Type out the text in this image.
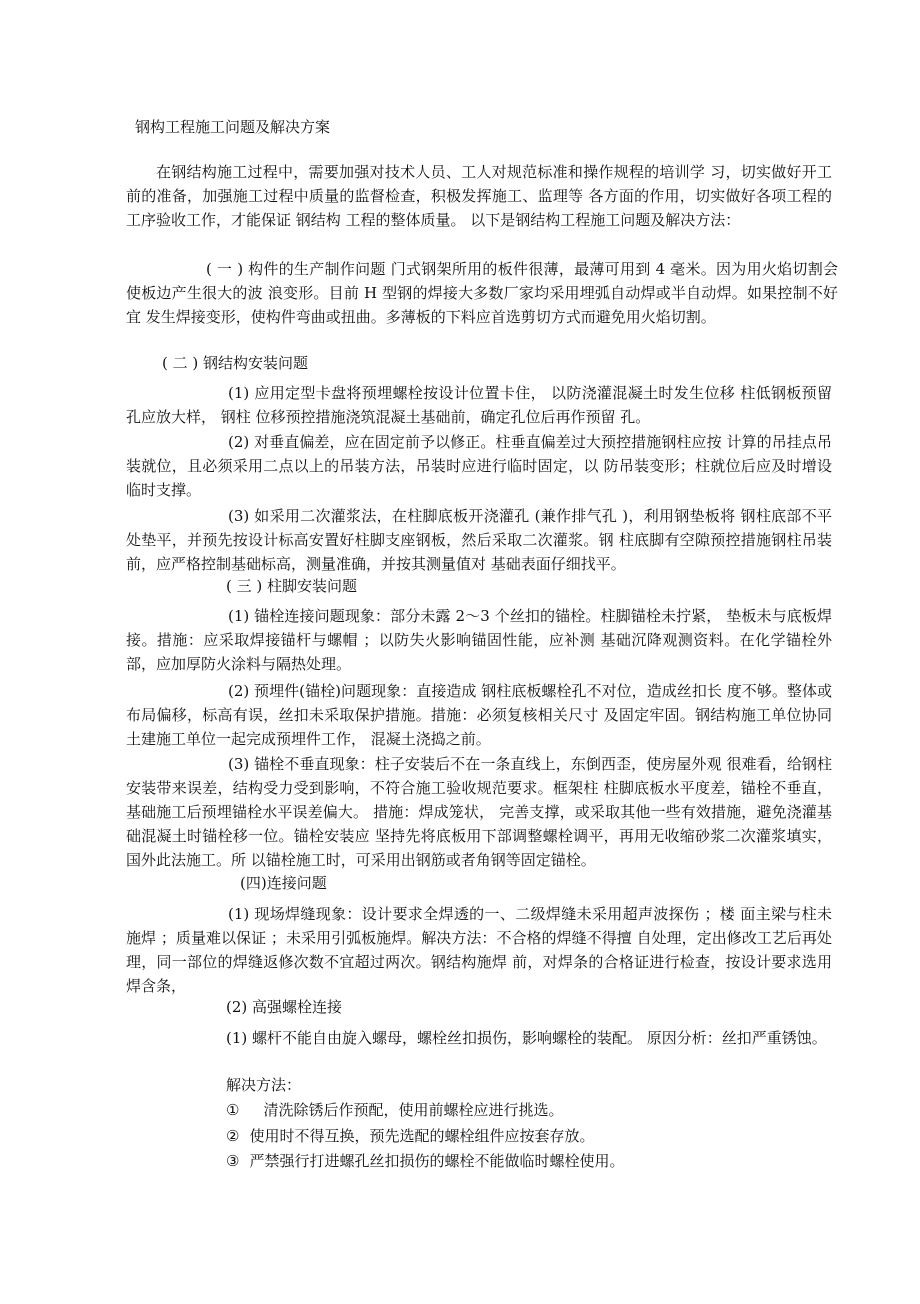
钢构工程施工问题及解决方案
在钢结构施工过程中，需要加强对技术人员、工人对规范标准和操作规程的培训学 习，切实做好开工前的准备，加强施工过程中质量的监督检查，积极发挥施工、监理等 各方面的作用，切实做好各项工程的工序验收工作，才能保证 钢结构 工程的整体质量。 以下是钢结构工程施工问题及解决方法：
( 一 ) 构件的生产制作问题 门式钢架所用的板件很薄，最薄可用到 4 毫米。因为用火焰切割会使板边产生很大的波 浪变形。目前 H 型钢的焊接大多数厂家均采用埋弧自动焊或半自动焊。如果控制不好宜 发生焊接变形，使构件弯曲或扭曲。多薄板的下料应首选剪切方式而避免用火焰切割。
( 二 ) 钢结构安装问题
(1) 应用定型卡盘将预埋螺栓按设计位置卡住， 以防浇灌混凝土时发生位移 柱低钢板预留孔应放大样， 钢柱 位移预控措施浇筑混凝土基础前，确定孔位后再作预留 孔。
(2) 对垂直偏差，应在固定前予以修正。柱垂直偏差过大预控措施钢柱应按 计算的吊挂点吊装就位，且必须采用二点以上的吊装方法，吊装时应进行临时固定，以 防吊装变形；柱就位后应及时增设临时支撑。
(3) 如采用二次灌浆法，在柱脚底板开浇灌孔 (兼作排气孔 )，利用钢垫板将 钢柱底部不平处垫平，并预先按设计标高安置好柱脚支座钢板，然后采取二次灌浆。钢 柱底脚有空隙预控措施钢柱吊装前，应严格控制基础标高，测量准确，并按其测量值对 基础表面仔细找平。
( 三 ) 柱脚安装问题
(1) 锚栓连接问题现象：部分未露 2～3 个丝扣的锚栓。柱脚锚栓未拧紧， 垫板未与底板焊接。措施：应采取焊接锚杆与螺帽 ；以防失火影响锚固性能，应补测 基础沉降观测资料。在化学锚栓外部，应加厚防火涂料与隔热处理。
(2) 预埋件(锚栓)问题现象：直接造成 钢柱底板螺栓孔不对位，造成丝扣长 度不够。整体或布局偏移，标高有误，丝扣未采取保护措施。措施：必须复核相关尺寸 及固定牢固。钢结构施工单位协同土建施工单位一起完成预埋件工作， 混凝土浇捣之前。
(3) 锚栓不垂直现象：柱子安装后不在一条直线上，东倒西歪，使房屋外观 很难看，给钢柱安装带来误差，结构受力受到影响，不符合施工验收规范要求。框架柱 柱脚底板水平度差，锚栓不垂直， 基础施工后预埋锚栓水平误差偏大。 措施：焊成笼状， 完善支撑，或采取其他一些有效措施，避免浇灌基础混凝土时锚栓移一位。锚栓安装应 坚持先将底板用下部调整螺栓调平，再用无收缩砂浆二次灌浆填实，国外此法施工。所 以锚栓施工时，可采用出钢筋或者角钢等固定锚栓。
(四)连接问题
(1) 现场焊缝现象：设计要求全焊透的一、二级焊缝未采用超声波探伤 ；楼 面主梁与柱未施焊 ；质量难以保证 ；未采用引弧板施焊。解决方法：不合格的焊缝不得擅 自处理，定出修改工艺后再处理，同一部位的焊缝返修次数不宜超过两次。钢结构施焊 前，对焊条的合格证进行检查，按设计要求选用焊含条，
(2) 高强螺栓连接
(1) 螺杆不能自由旋入螺母，螺栓丝扣损伤，影响螺栓的装配。 原因分析：丝扣严重锈蚀。
解决方法：
① 清洗除锈后作预配，使用前螺栓应进行挑选。
② 使用时不得互换，预先选配的螺栓组件应按套存放。
③ 严禁强行打进螺孔丝扣损伤的螺栓不能做临时螺栓使用。
